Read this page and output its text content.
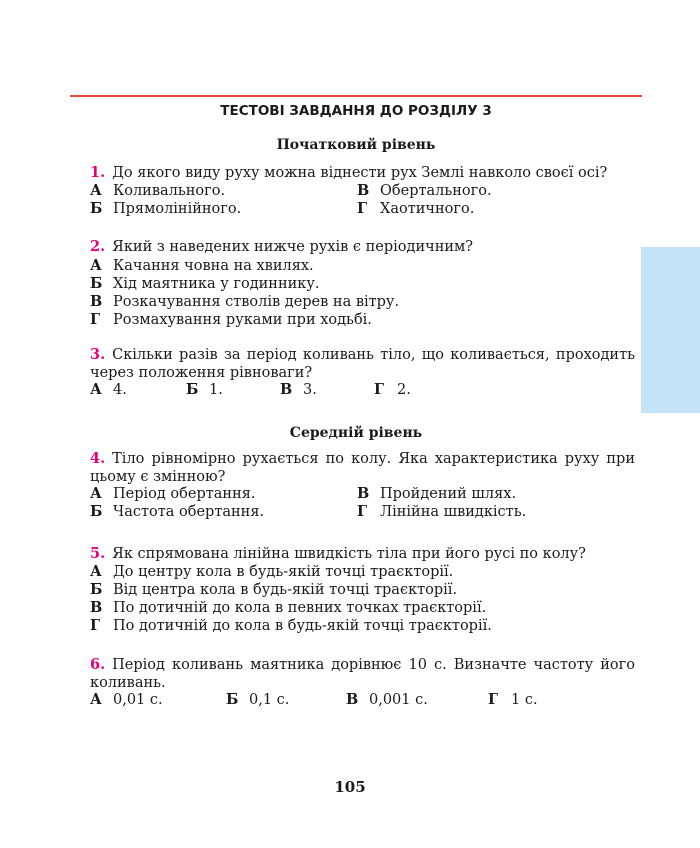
ТЕСТОВІ ЗАВДАННЯ ДО РОЗДІЛУ 3
Початковий рівень
1. До якого виду руху можна віднести рух Землі навколо своєї осі?
А Коливального.	В Обертального.
Б Прямолінійного.	Г Хаотичного.
2. Який з наведених нижче рухів є періодичним?
А Качання човна на хвилях.
Б Хід маятника у годиннику.
В Розкачування стволів дерев на вітру.
Г Розмахування руками при ходьбі.
3. Скільки разів за період коливань тіло, що коливається, проходить через положення рівноваги?
А 4.	Б 1.	В 3.	Г 2.
Середній рівень
4. Тіло рівномірно рухається по колу. Яка характеристика руху при цьому є змінною?
А Період обертання.	В Пройдений шлях.
Б Частота обертання.	Г Лінійна швидкість.
5. Як спрямована лінійна швидкість тіла при його русі по колу?
А До центру кола в будь-якій точці траєкторії.
Б Від центра кола в будь-якій точці траєкторії.
В По дотичній до кола в певних точках траєкторії.
Г По дотичній до кола в будь-якій точці траєкторії.
6. Період коливань маятника дорівнює 10 с. Визначте частоту його коливань.
А 0,01 с.	Б 0,1 с.	В 0,001 с.	Г 1 с.
105
